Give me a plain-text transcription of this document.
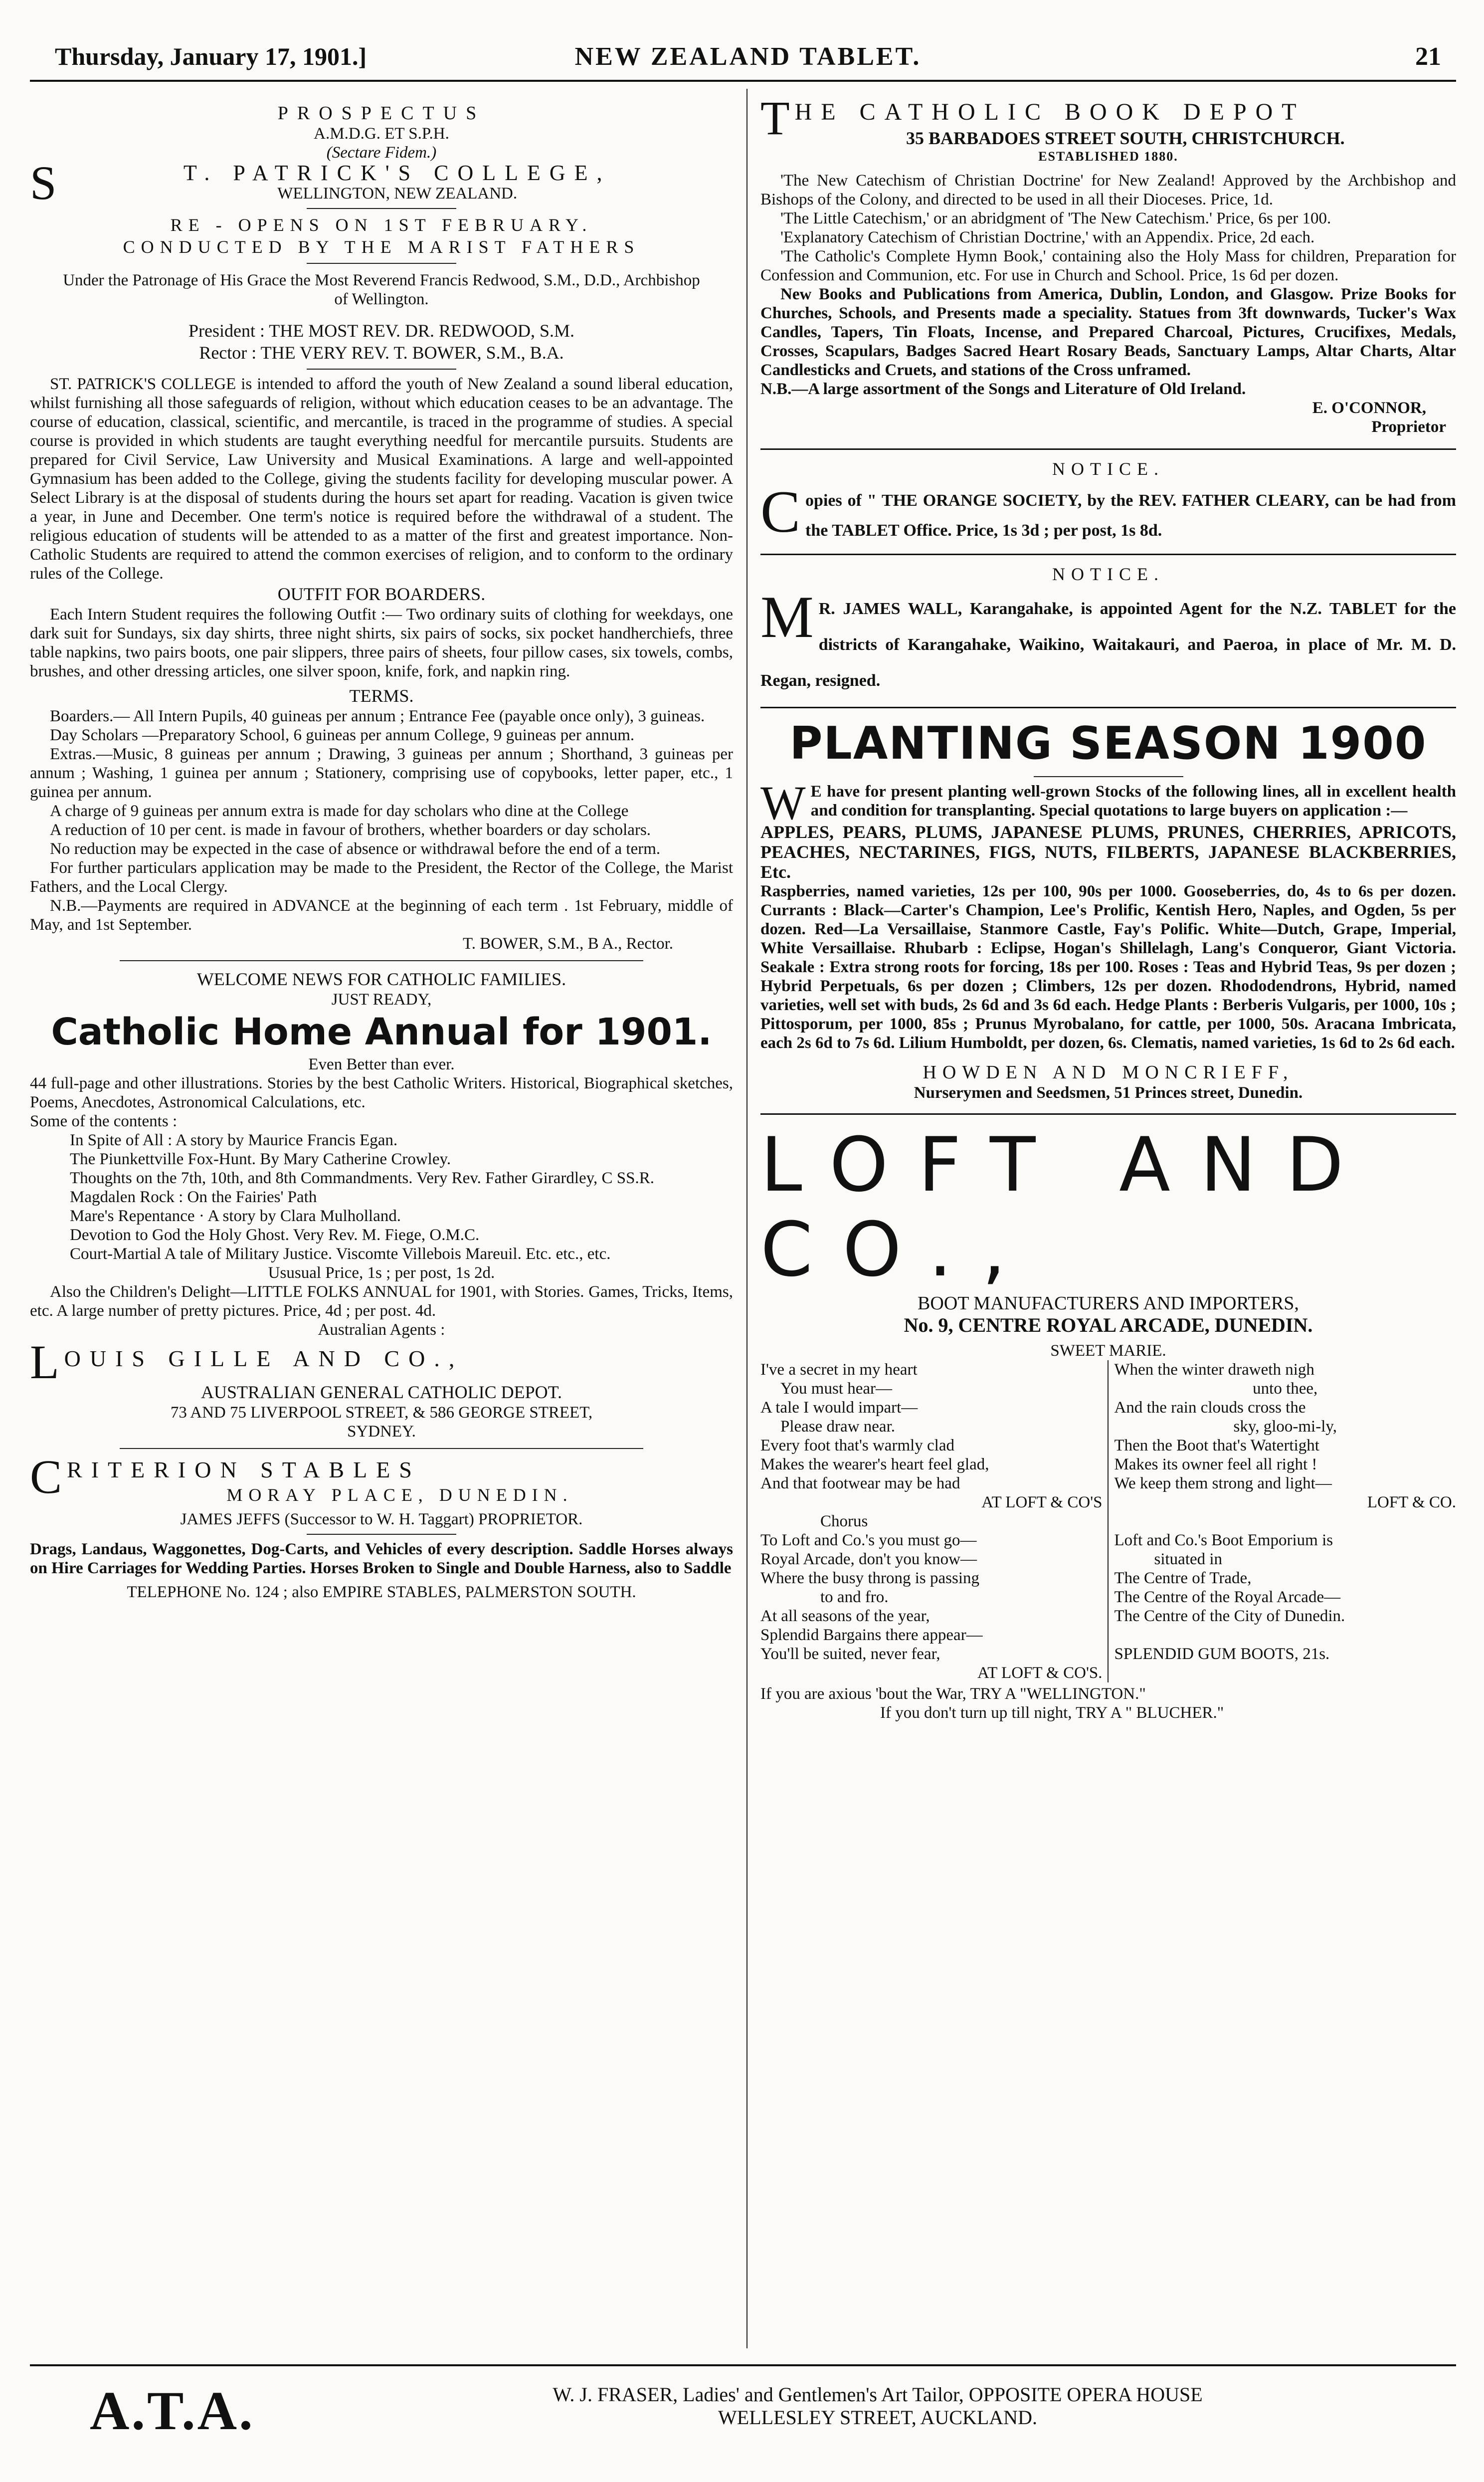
Thursday, January 17, 1901.]	NEW ZEALAND TABLET.	21
PROSPECTUS
A.M.D.G. ET S.P.H.
(Sectare Fidem.)
S	T. PATRICK'S COLLEGE,
WELLINGTON, NEW ZEALAND.
RE - OPENS ON 1ST FEBRUARY.
CONDUCTED BY THE MARIST FATHERS
Under the Patronage of His Grace the Most Reverend Francis Redwood, S.M., D.D., Archbishop of Wellington.
President : THE MOST REV. DR. REDWOOD, S.M.
Rector : THE VERY REV. T. BOWER, S.M., B.A.

ST. PATRICK'S COLLEGE is intended to afford the youth of New Zealand a sound liberal education, whilst furnishing all those safeguards of religion, without which education ceases to be an advantage. The course of education, classical, scientific, and mercantile, is traced in the programme of studies. A special course is provided in which students are taught everything needful for mercantile pursuits. Students are prepared for Civil Service, Law University and Musical Examinations. A large and well-appointed Gymnasium has been added to the College, giving the students facility for developing muscular power. A Select Library is at the disposal of students during the hours set apart for reading. Vacation is given twice a year, in June and December. One term's notice is required before the withdrawal of a student. The religious education of students will be attended to as a matter of the first and greatest importance. Non-Catholic Students are required to attend the common exercises of religion, and to conform to the ordinary rules of the College.

OUTFIT FOR BOARDERS.

Each Intern Student requires the following Outfit :— Two ordinary suits of clothing for weekdays, one dark suit for Sundays, six day shirts, three night shirts, six pairs of socks, six pocket handherchiefs, three table napkins, two pairs boots, one pair slippers, three pairs of sheets, four pillow cases, six towels, combs, brushes, and other dressing articles, one silver spoon, knife, fork, and napkin ring.

TERMS.

Boarders.— All Intern Pupils, 40 guineas per annum ; Entrance Fee (payable once only), 3 guineas.

Day Scholars —Preparatory School, 6 guineas per annum College, 9 guineas per annum.

Extras.—Music, 8 guineas per annum ; Drawing, 3 guineas per annum ; Shorthand, 3 guineas per annum ; Washing, 1 guinea per annum ; Stationery, comprising use of copybooks, letter paper, etc., 1 guinea per annum.

A charge of 9 guineas per annum extra is made for day scholars who dine at the College

A reduction of 10 per cent. is made in favour of brothers, whether boarders or day scholars.

No reduction may be expected in the case of absence or withdrawal before the end of a term.

For further particulars application may be made to the President, the Rector of the College, the Marist Fathers, and the Local Clergy.

N.B.—Payments are required in ADVANCE at the beginning of each term . 1st February, middle of May, and 1st September.

T. BOWER, S.M., B A., Rector.
WELCOME NEWS FOR CATHOLIC FAMILIES.
JUST READY,
Catholic Home Annual for 1901.
Even Better than ever.

44 full-page and other illustrations. Stories by the best Catholic Writers. Historical, Biographical sketches, Poems, Anecdotes, Astronomical Calculations, etc.

Some of the contents :
In Spite of All : A story by Maurice Francis Egan.
The Piunkettville Fox-Hunt. By Mary Catherine Crowley.
Thoughts on the 7th, 10th, and 8th Commandments. Very Rev. Father Girardley, C SS.R.
Magdalen Rock : On the Fairies' Path
Mare's Repentance · A story by Clara Mulholland.
Devotion to God the Holy Ghost. Very Rev. M. Fiege, O.M.C.
Court-Martial A tale of Military Justice. Viscomte Villebois Mareuil. Etc. etc., etc.
Ususual Price, 1s ; per post, 1s 2d.

Also the Children's Delight—LITTLE FOLKS ANNUAL for 1901, with Stories. Games, Tricks, Items, etc. A large number of pretty pictures. Price, 4d ; per post. 4d.

Australian Agents :
L OUIS GILLE AND CO.,
AUSTRALIAN GENERAL CATHOLIC DEPOT.
73 AND 75 LIVERPOOL STREET, & 586 GEORGE STREET,
SYDNEY.
C RITERION STABLES
MORAY PLACE, DUNEDIN.
JAMES JEFFS (Successor to W. H. Taggart) PROPRIETOR.

Drags, Landaus, Waggonettes, Dog-Carts, and Vehicles of every description. Saddle Horses always on Hire Carriages for Wedding Parties. Horses Broken to Single and Double Harness, also to Saddle

TELEPHONE No. 124 ; also EMPIRE STABLES, PALMERSTON SOUTH.
T HE CATHOLIC BOOK DEPOT
35 BARBADOES STREET SOUTH, CHRISTCHURCH.
ESTABLISHED 1880.

'The New Catechism of Christian Doctrine' for New Zealand! Approved by the Archbishop and Bishops of the Colony, and directed to be used in all their Dioceses. Price, 1d.

'The Little Catechism,' or an abridgment of 'The New Catechism.' Price, 6s per 100.

'Explanatory Catechism of Christian Doctrine,' with an Appendix. Price, 2d each.

'The Catholic's Complete Hymn Book,' containing also the Holy Mass for children, Preparation for Confession and Communion, etc. For use in Church and School. Price, 1s 6d per dozen.

New Books and Publications from America, Dublin, London, and Glasgow. Prize Books for Churches, Schools, and Presents made a speciality. Statues from 3ft downwards, Tucker's Wax Candles, Tapers, Tin Floats, Incense, and Prepared Charcoal, Pictures, Crucifixes, Medals, Crosses, Scapulars, Badges Sacred Heart Rosary Beads, Sanctuary Lamps, Altar Charts, Altar Candlesticks and Cruets, and stations of the Cross unframed.

N.B.—A large assortment of the Songs and Literature of Old Ireland.
E. O'CONNOR,
Proprietor
NOTICE.
C opies of " THE ORANGE SOCIETY, by the REV. FATHER CLEARY, can be had from the TABLET Office. Price, 1s 3d ; per post, 1s 8d.

NOTICE.
M R. JAMES WALL, Karangahake, is appointed Agent for the N.Z. TABLET for the districts of Karangahake, Waikino, Waitakauri, and Paeroa, in place of Mr. M. D. Regan, resigned.

PLANTING SEASON 1900
W E have for present planting well-grown Stocks of the following lines, all in excellent health and condition for transplanting. Special quotations to large buyers on application :—

APPLES, PEARS, PLUMS, JAPANESE PLUMS, PRUNES, CHERRIES, APRICOTS, PEACHES, NECTARINES, FIGS, NUTS, FILBERTS, JAPANESE BLACKBERRIES, Etc.

Raspberries, named varieties, 12s per 100, 90s per 1000. Gooseberries, do, 4s to 6s per dozen. Currants : Black—Carter's Champion, Lee's Prolific, Kentish Hero, Naples, and Ogden, 5s per dozen. Red—La Versaillaise, Stanmore Castle, Fay's Polific. White—Dutch, Grape, Imperial, White Versaillaise. Rhubarb : Eclipse, Hogan's Shillelagh, Lang's Conqueror, Giant Victoria. Seakale : Extra strong roots for forcing, 18s per 100. Roses : Teas and Hybrid Teas, 9s per dozen ; Hybrid Perpetuals, 6s per dozen ; Climbers, 12s per dozen. Rhododendrons, Hybrid, named varieties, well set with buds, 2s 6d and 3s 6d each. Hedge Plants : Berberis Vulgaris, per 1000, 10s ; Pittosporum, per 1000, 85s ; Prunus Myrobalano, for cattle, per 1000, 50s. Aracana Imbricata, each 2s 6d to 7s 6d. Lilium Humboldt, per dozen, 6s. Clematis, named varieties, 1s 6d to 2s 6d each.

HOWDEN AND MONCRIEFF,
Nurserymen and Seedsmen, 51 Princes street, Dunedin.
LOFT AND CO.,
BOOT MANUFACTURERS AND IMPORTERS,
No. 9, CENTRE ROYAL ARCADE, DUNEDIN.
SWEET MARIE.
I've a secret in my heart
You must hear—
A tale I would impart—
Please draw near.
Every foot that's warmly clad
Makes the wearer's heart feel glad,
And that footwear may be had
AT LOFT & CO'S
Chorus
To Loft and Co.'s you must go—
Royal Arcade, don't you know—
Where the busy throng is passing
to and fro.
At all seasons of the year,
Splendid Bargains there appear—
You'll be suited, never fear,
AT LOFT & CO'S.
When the winter draweth nigh
unto thee,
And the rain clouds cross the
sky, gloo-mi-ly,
Then the Boot that's Watertight
Makes its owner feel all right !
We keep them strong and light—
LOFT & CO.
Loft and Co.'s Boot Emporium is
situated in
The Centre of Trade,
The Centre of the Royal Arcade—
The Centre of the City of Dunedin.
SPLENDID GUM BOOTS, 21s.
If you are axious 'bout the War, TRY A "WELLINGTON."
If you don't turn up till night, TRY A " BLUCHER."
A.T.A.	W. J. FRASER, Ladies' and Gentlemen's Art Tailor, OPPOSITE OPERA HOUSE
WELLESLEY STREET, AUCKLAND.
